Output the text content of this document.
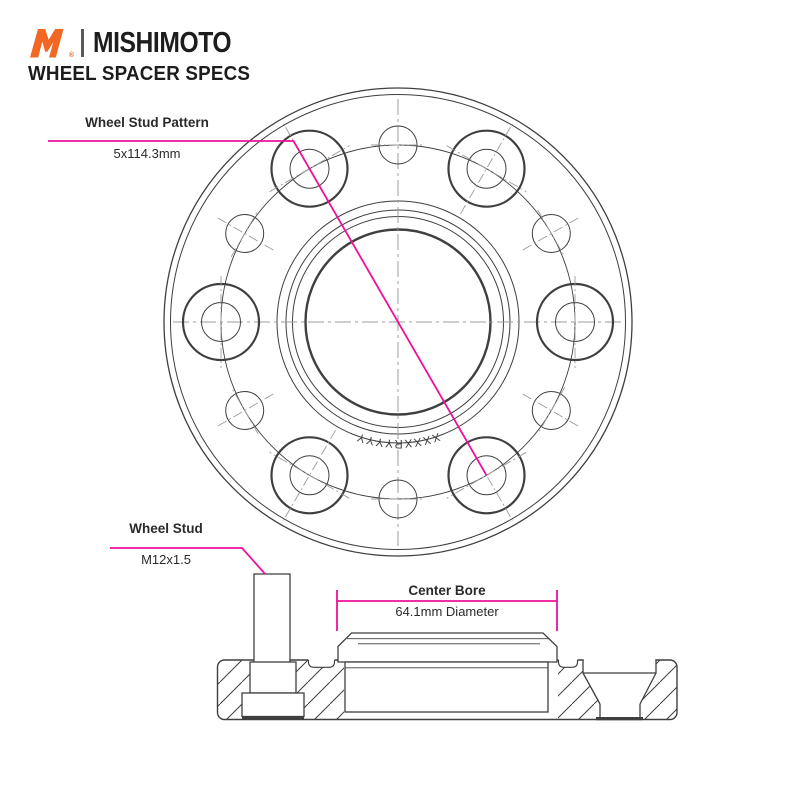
XXXXRYYYY
® MISHIMOTO
WHEEL SPACER SPECS
Wheel Stud Pattern
5x114.3mm
Wheel Stud
M12x1.5
Center Bore
64.1mm Diameter
